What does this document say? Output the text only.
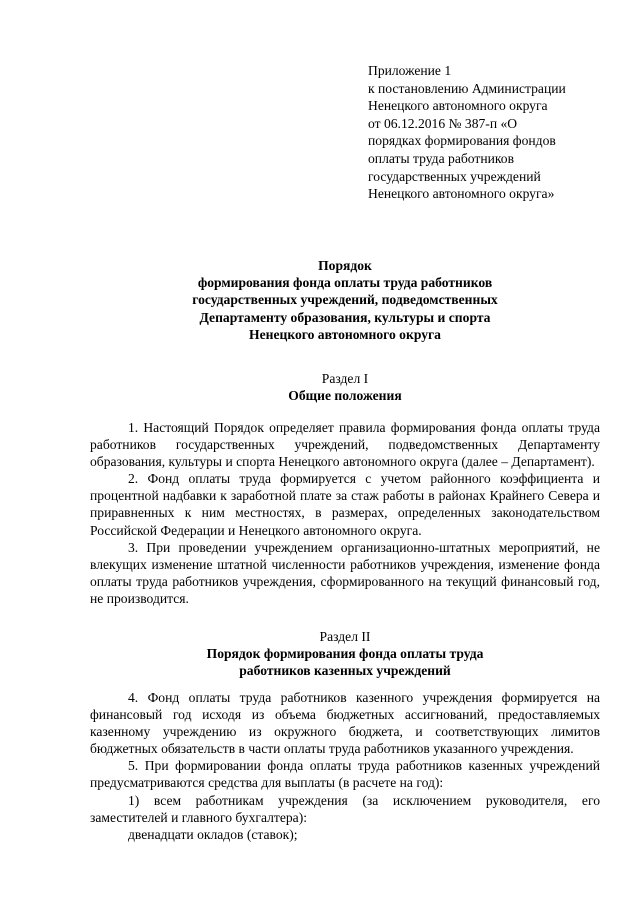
Приложение 1
к постановлению Администрации
Ненецкого автономного округа
от 06.12.2016 № 387-п «О
порядках формирования фондов
оплаты труда работников
государственных учреждений
Ненецкого автономного округа»
Порядок
формирования фонда оплаты труда работников
государственных учреждений, подведомственных
Департаменту образования, культуры и спорта
Ненецкого автономного округа
Раздел I
Общие положения

1. Настоящий Порядок определяет правила формирования фонда оплаты труда работников государственных учреждений, подведомственных Департаменту образования, культуры и спорта Ненецкого автономного округа (далее – Департамент).

2. Фонд оплаты труда формируется с учетом районного коэффициента и процентной надбавки к заработной плате за стаж работы в районах Крайнего Севера и приравненных к ним местностях, в размерах, определенных законодательством Российской Федерации и Ненецкого автономного округа.

3. При проведении учреждением организационно-штатных мероприятий, не влекущих изменение штатной численности работников учреждения, изменение фонда оплаты труда работников учреждения, сформированного на текущий финансовый год, не производится.

Раздел II
Порядок формирования фонда оплаты труда
работников казенных учреждений

4. Фонд оплаты труда работников казенного учреждения формируется на финансовый год исходя из объема бюджетных ассигнований, предоставляемых казенному учреждению из окружного бюджета, и соответствующих лимитов бюджетных обязательств в части оплаты труда работников указанного учреждения.

5. При формировании фонда оплаты труда работников казенных учреждений предусматриваются средства для выплаты (в расчете на год):

1) всем работникам учреждения (за исключением руководителя, его заместителей и главного бухгалтера):

двенадцати окладов (ставок);
